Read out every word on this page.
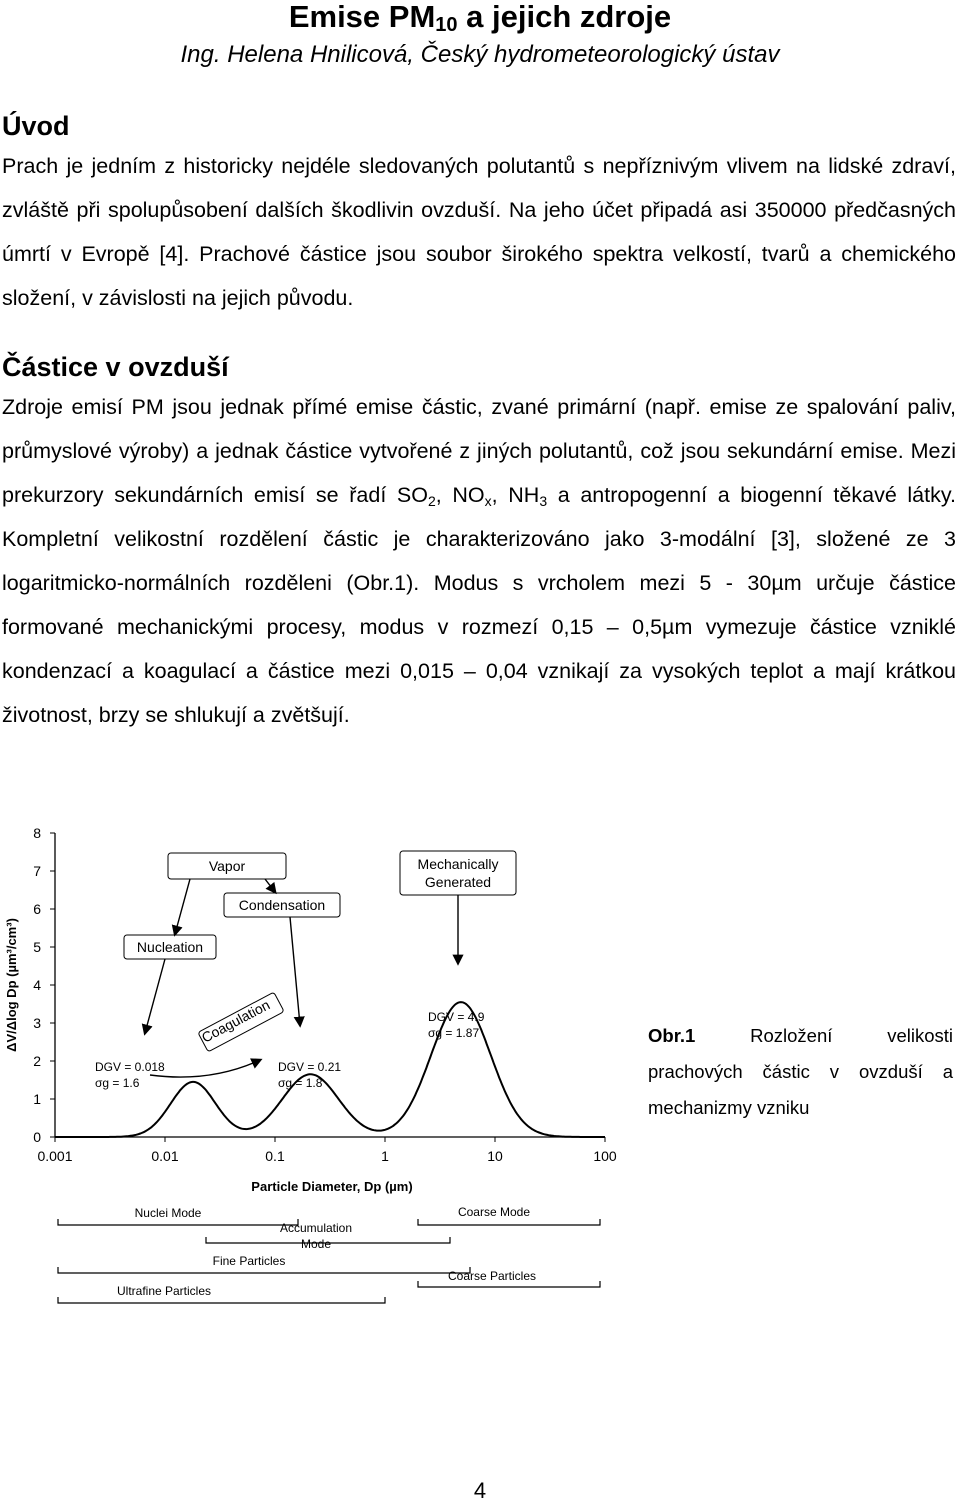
Emise $PM_{10}$ a jejich zdroje
Ing. Helena Hnilicová, Český hydrometeorologický ústav
Úvod
Prach je jedním z historicky nejdéle sledovaných polutantů s nepříznivým vlivem na lidské zdraví, zvláště při spolupůsobení dalších škodlivin ovzduší. Na jeho účet připadá asi 350000 předčasných úmrtí v Evropě [4]. Prachové částice jsou soubor širokého spektra velkostí, tvarů a chemického složení, v závislosti na jejich původu.
Částice v ovzduší
Zdroje emisí PM jsou jednak přímé emise částic, zvané primární (např. emise ze spalování paliv, průmyslové výroby) a jednak částice vytvořené z jiných polutantů, což jsou sekundární emise. Mezi prekurzory sekundárních emisí se řadí $SO_2$, $NO_x$, $NH_3$ a antropogenní a biogenní těkavé látky. Kompletní velikostní rozdělení částic je charakterizováno jako 3-modální [3], složené ze 3 logaritmicko-normálních rozděleni (Obr.1). Modus s vrcholem mezi 5 - 30µm určuje částice formované mechanickými procesy, modus v rozmezí 0,15 – 0,5µm vymezuje částice vzniklé kondenzací a koagulací a částice mezi 0,015 – 0,04 vznikají za vysokých teplot a mají krátkou životnost, brzy se shlukují a zvětšují.
0
1
2
3
4
5
6
7
8
0.001	0.01	0.1	1	10	100
ΔV/Δlog Dp (µm³/cm³)
Particle Diameter, Dp (µm)
Vapor
Condensation
Nucleation
Mechanically
Generated
Coagulation
DGV = 0.018
σg = 1.6
DGV = 0.21
σg = 1.8
DGV = 4.9
σg = 1.87
Nuclei Mode
Accumulation
Mode
Coarse Mode
Fine Particles
Coarse Particles
Ultrafine Particles
Obr.1 Rozložení velikosti prachových částic v ovzduší a mechanizmy vzniku
4
